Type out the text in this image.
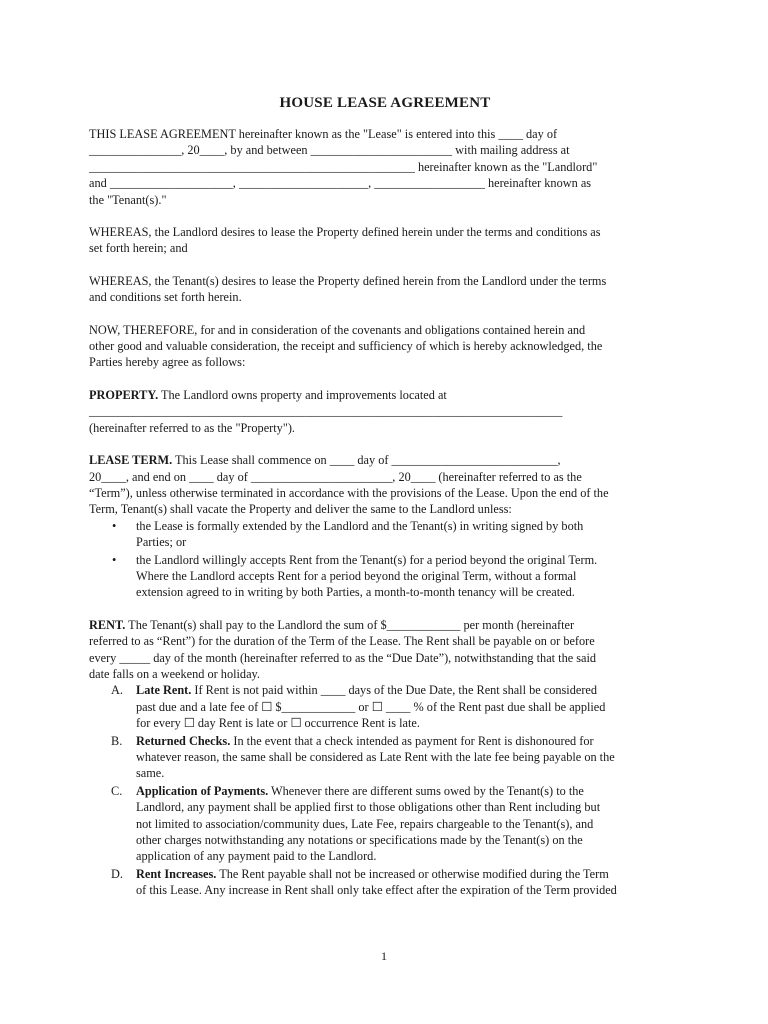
HOUSE LEASE AGREEMENT

THIS LEASE AGREEMENT hereinafter known as the "Lease" is entered into this ____ day of
_______________, 20____, by and between _______________________ with mailing address at
_____________________________________________________ hereinafter known as the "Landlord"
and ____________________, _____________________, __________________ hereinafter known as
the "Tenant(s)."

WHEREAS, the Landlord desires to lease the Property defined herein under the terms and conditions as
set forth herein; and

WHEREAS, the Tenant(s) desires to lease the Property defined herein from the Landlord under the terms
and conditions set forth herein.

NOW, THEREFORE, for and in consideration of the covenants and obligations contained herein and
other good and valuable consideration, the receipt and sufficiency of which is hereby acknowledged, the
Parties hereby agree as follows:

PROPERTY. The Landlord owns property and improvements located at
_____________________________________________________________________________
(hereinafter referred to as the "Property").

LEASE TERM. This Lease shall commence on ____ day of ___________________________,
20____, and end on ____ day of _______________________, 20____ (hereinafter referred to as the
“Term”), unless otherwise terminated in accordance with the provisions of the Lease. Upon the end of the
Term, Tenant(s) shall vacate the Property and deliver the same to the Landlord unless:
• the Lease is formally extended by the Landlord and the Tenant(s) in writing signed by both
Parties; or
• the Landlord willingly accepts Rent from the Tenant(s) for a period beyond the original Term.
Where the Landlord accepts Rent for a period beyond the original Term, without a formal
extension agreed to in writing by both Parties, a month-to-month tenancy will be created.
RENT. The Tenant(s) shall pay to the Landlord the sum of $____________ per month (hereinafter
referred to as “Rent”) for the duration of the Term of the Lease. The Rent shall be payable on or before
every _____ day of the month (hereinafter referred to as the “Due Date”), notwithstanding that the said
date falls on a weekend or holiday.
A. Late Rent. If Rent is not paid within ____ days of the Due Date, the Rent shall be considered
past due and a late fee of ☐ $____________ or ☐ ____ % of the Rent past due shall be applied
for every ☐ day Rent is late or ☐ occurrence Rent is late.
B. Returned Checks. In the event that a check intended as payment for Rent is dishonoured for
whatever reason, the same shall be considered as Late Rent with the late fee being payable on the
same.
C. Application of Payments. Whenever there are different sums owed by the Tenant(s) to the
Landlord, any payment shall be applied first to those obligations other than Rent including but
not limited to association/community dues, Late Fee, repairs chargeable to the Tenant(s), and
other charges notwithstanding any notations or specifications made by the Tenant(s) on the
application of any payment paid to the Landlord.
D. Rent Increases. The Rent payable shall not be increased or otherwise modified during the Term
of this Lease. Any increase in Rent shall only take effect after the expiration of the Term provided
1
